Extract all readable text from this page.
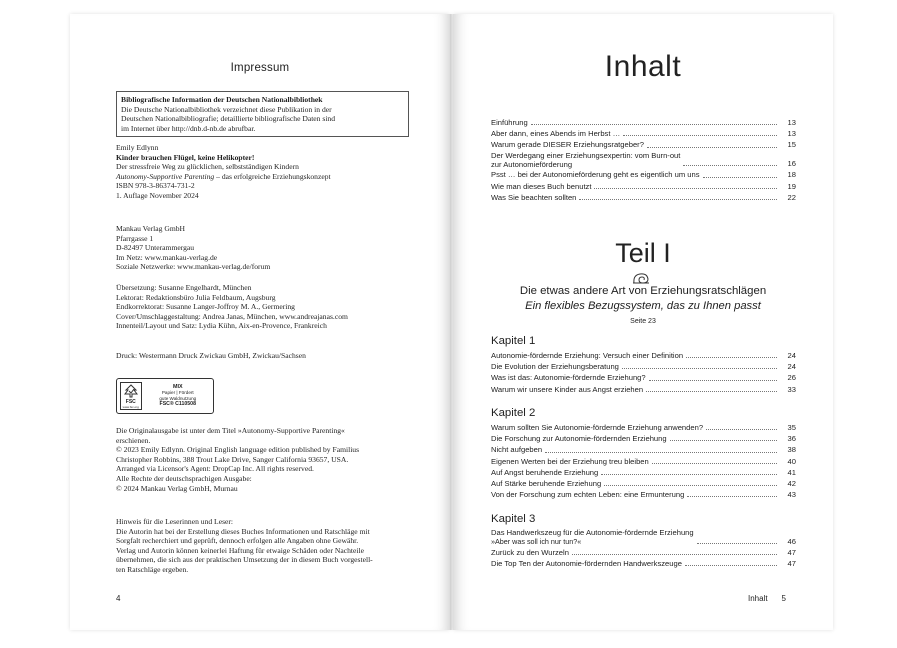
Impressum
Bibliografische Information der Deutschen Nationalbibliothek
Die Deutsche Nationalbibliothek verzeichnet diese Publikation in der
Deutschen Nationalbibliografie; detaillierte bibliografische Daten sind
im Internet über http://dnb.d-nb.de abrufbar.
Emily Edlynn
Kinder brauchen Flügel, keine Helikopter!
Der stressfreie Weg zu glücklichen, selbstständigen Kindern
Autonomy-Supportive Parenting – das erfolgreiche Erziehungskonzept
ISBN 978-3-86374-731-2
1. Auflage November 2024
Mankau Verlag GmbH
Pfarrgasse 1
D-82497 Unterammergau
Im Netz: www.mankau-verlag.de
Soziale Netzwerke: www.mankau-verlag.de/forum
Übersetzung: Susanne Engelhardt, München
Lektorat: Redaktionsbüro Julia Feldbaum, Augsburg
Endkorrektorat: Susanne Langer-Joffroy M. A., Germering
Cover/Umschlaggestaltung: Andrea Janas, München, www.andreajanas.com
Innenteil/Layout und Satz: Lydia Kühn, Aix-en-Provence, Frankreich
Druck: Westermann Druck Zwickau GmbH, Zwickau/Sachsen
FSC
www.fsc.org
MIX
Papier | Fördert
gute Waldnutzung
FSC® C110508
Die Originalausgabe ist unter dem Titel »Autonomy-Supportive Parenting«
erschienen.
© 2023 Emily Edlynn. Original English language edition published by Familius
Christopher Robbins, 388 Trout Lake Drive, Sanger California 93657, USA.
Arranged via Licensor's Agent: DropCap Inc. All rights reserved.
Alle Rechte der deutschsprachigen Ausgabe:
© 2024 Mankau Verlag GmbH, Murnau
Hinweis für die Leserinnen und Leser:
Die Autorin hat bei der Erstellung dieses Buches Informationen und Ratschläge mit
Sorgfalt recherchiert und geprüft, dennoch erfolgen alle Angaben ohne Gewähr.
Verlag und Autorin können keinerlei Haftung für etwaige Schäden oder Nachteile
übernehmen, die sich aus der praktischen Umsetzung der in diesem Buch vorgestell-
ten Ratschläge ergeben.
4
Inhalt
Einführung	13
Aber dann, eines Abends im Herbst …	13
Warum gerade DIESER Erziehungsratgeber?	15
Der Werdegang einer Erziehungsexpertin: vom Burn-out
zur Autonomieförderung	16
Psst … bei der Autonomieförderung geht es eigentlich um uns	18
Wie man dieses Buch benutzt	19
Was Sie beachten sollten	22
Teil I
Die etwas andere Art von Erziehungsratschlägen
Ein flexibles Bezugssystem, das zu Ihnen passt
Seite 23
Kapitel 1
Autonomie-fördernde Erziehung: Versuch einer Definition	24
Die Evolution der Erziehungsberatung	24
Was ist das: Autonomie-fördernde Erziehung?	26
Warum wir unsere Kinder aus Angst erziehen	33
Kapitel 2
Warum sollten Sie Autonomie-fördernde Erziehung anwenden?	35
Die Forschung zur Autonomie-fördernden Erziehung	36
Nicht aufgeben	38
Eigenen Werten bei der Erziehung treu bleiben	40
Auf Angst beruhende Erziehung	41
Auf Stärke beruhende Erziehung	42
Von der Forschung zum echten Leben: eine Ermunterung	43
Kapitel 3
Das Handwerkszeug für die Autonomie-fördernde Erziehung
»Aber was soll ich nur tun?«	46
Zurück zu den Wurzeln	47
Die Top Ten der Autonomie-fördernden Handwerkszeuge	47
Inhalt 5
